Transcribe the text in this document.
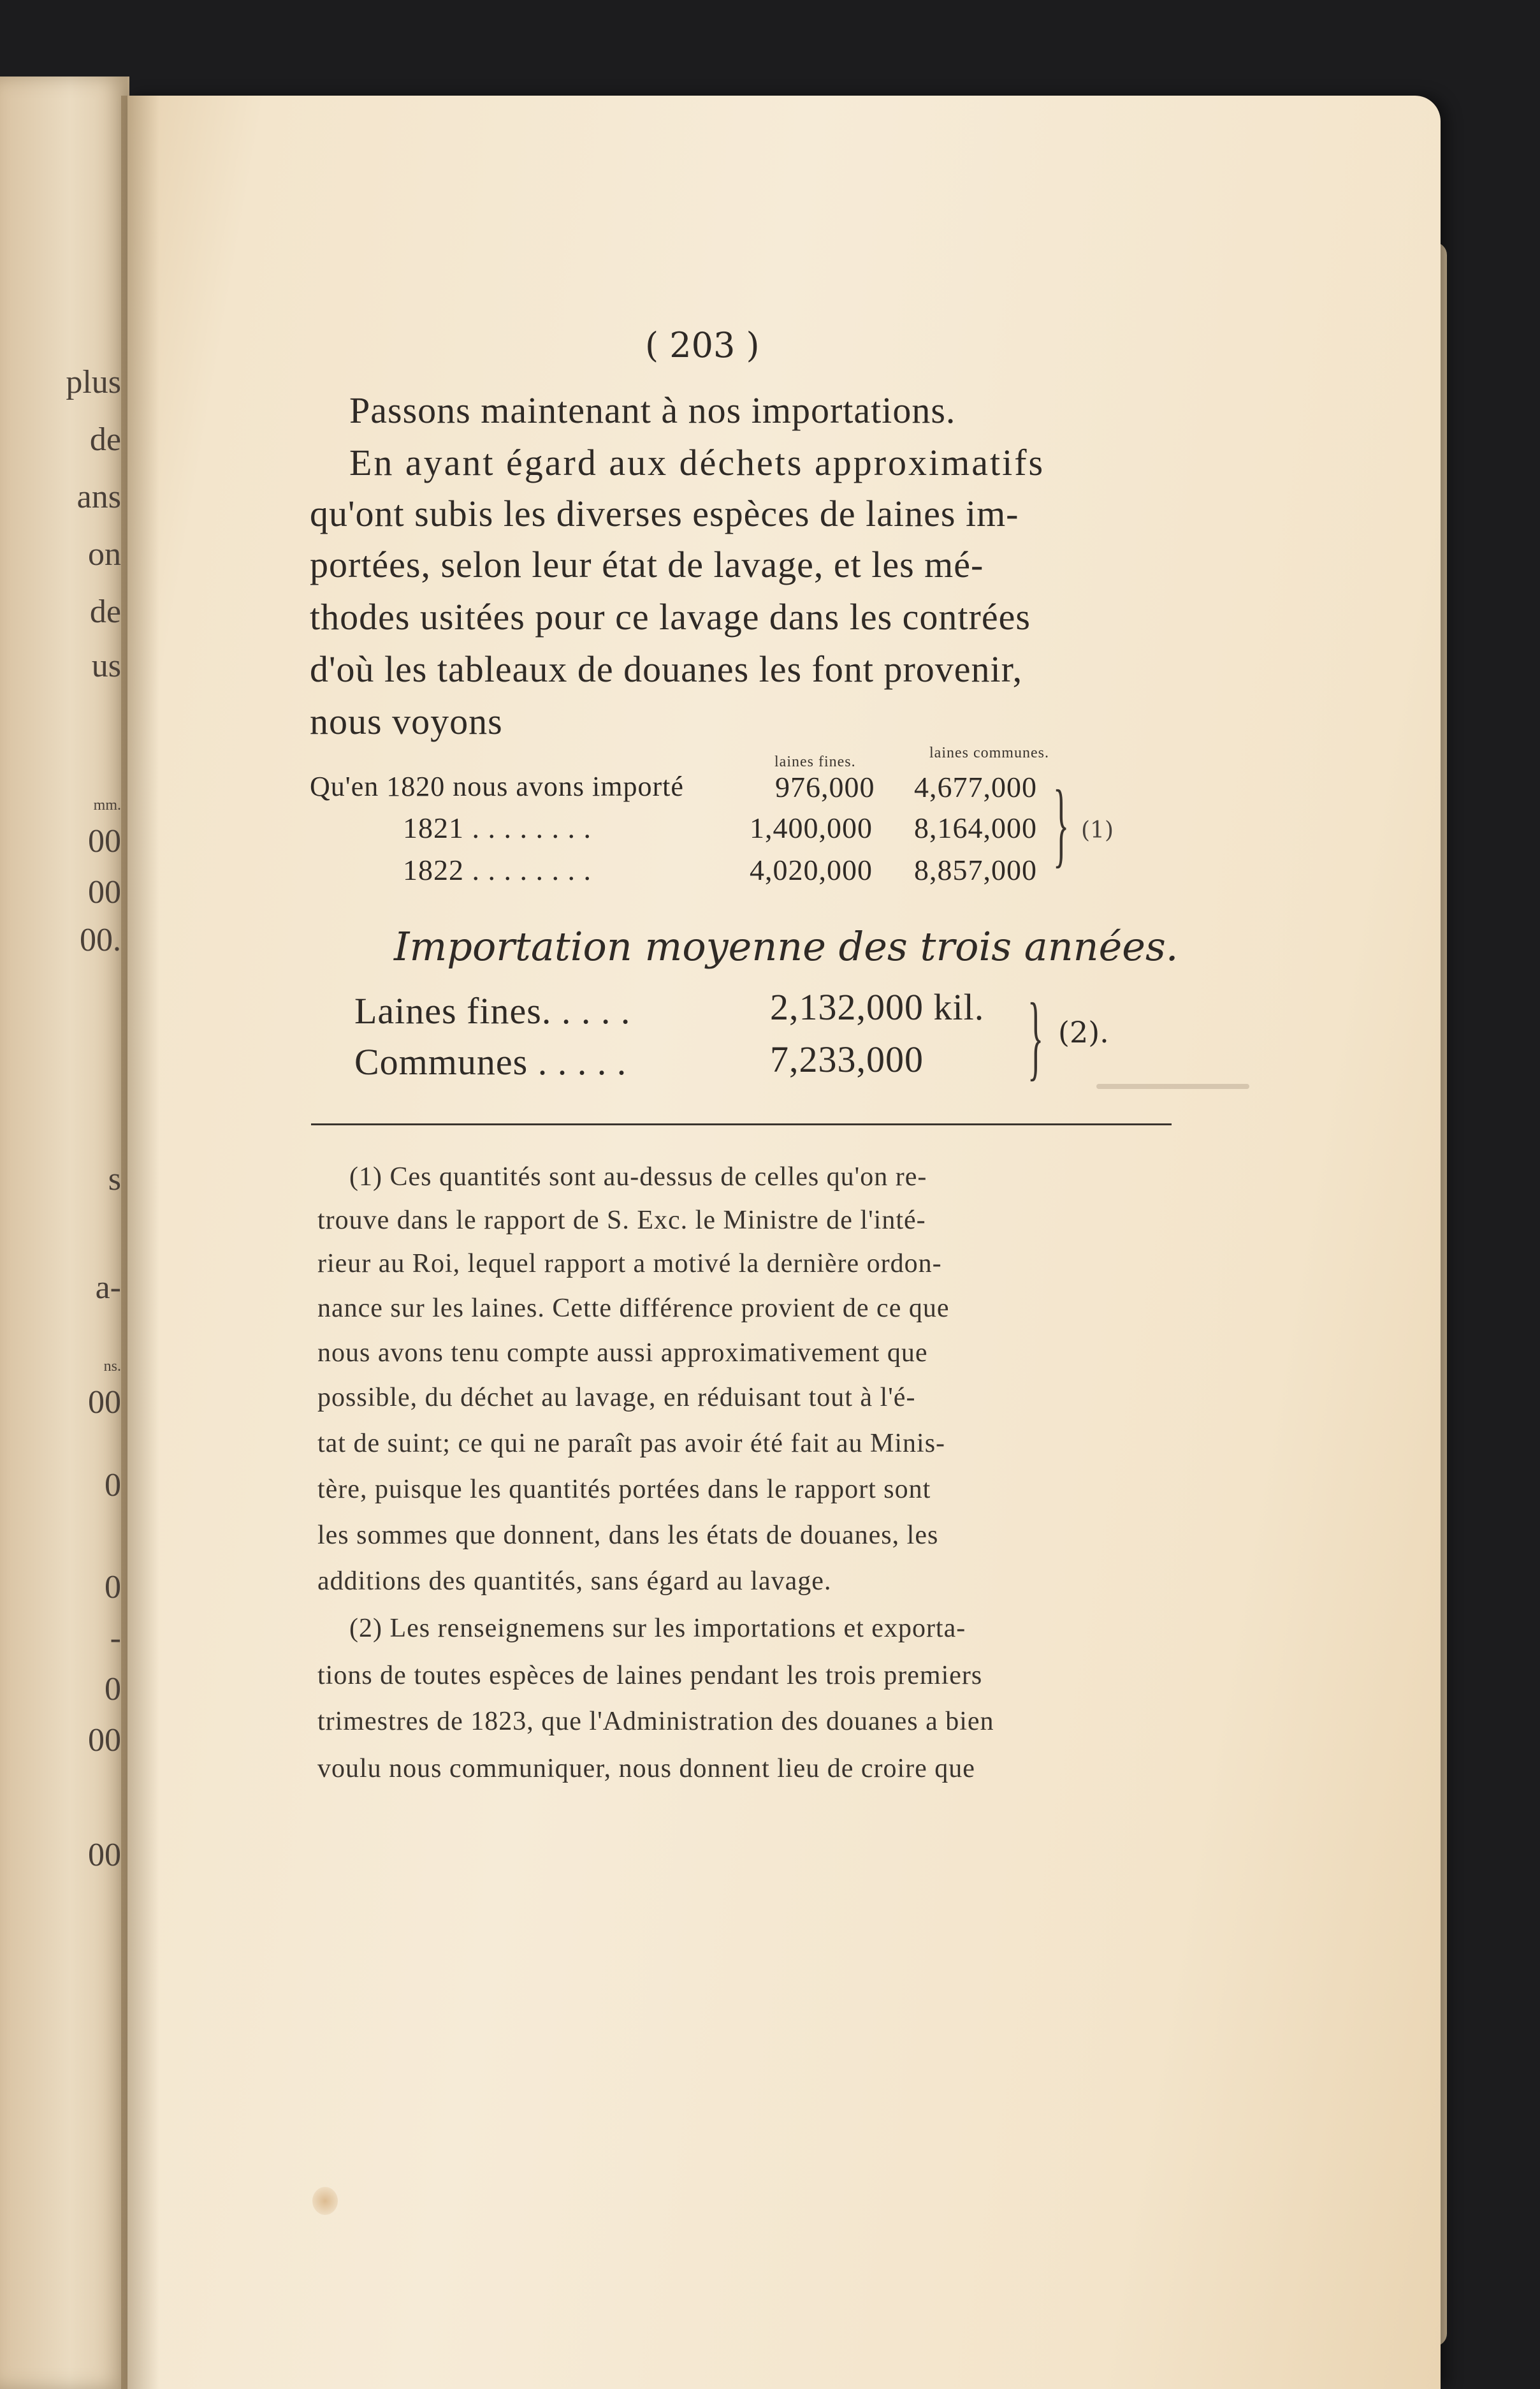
plus
de
ans
on
de
us
mm.
00
00
00.
s
a-
ns.
00
0
0
-
0
00
00
( 203 )
Passons maintenant à nos importations.
En ayant égard aux déchets approximatifs
qu'ont subis les diverses espèces de laines im-
portées, selon leur état de lavage, et les mé-
thodes usitées pour ce lavage dans les contrées
d'où les tableaux de douanes les font provenir,
nous voyons
laines fines.
laines communes.
Qu'en 1820 nous avons importé	976,000 4,677,000
1821 . . . . . . . .	1,400,000 8,164,000
1822 . . . . . . . .	4,020,000 8,857,000 } (1)
Importation moyenne des trois années.
Laines fines. . . . .	2,132,000 kil.
Communes . . . . .	7,233,000 } (2).
(1) Ces quantités sont au-dessus de celles qu'on re-
trouve dans le rapport de S. Exc. le Ministre de l'inté-
rieur au Roi, lequel rapport a motivé la dernière ordon-
nance sur les laines. Cette différence provient de ce que
nous avons tenu compte aussi approximativement que
possible, du déchet au lavage, en réduisant tout à l'é-
tat de suint; ce qui ne paraît pas avoir été fait au Minis-
tère, puisque les quantités portées dans le rapport sont
les sommes que donnent, dans les états de douanes, les
additions des quantités, sans égard au lavage.
(2) Les renseignemens sur les importations et exporta-
tions de toutes espèces de laines pendant les trois premiers
trimestres de 1823, que l'Administration des douanes a bien
voulu nous communiquer, nous donnent lieu de croire que
